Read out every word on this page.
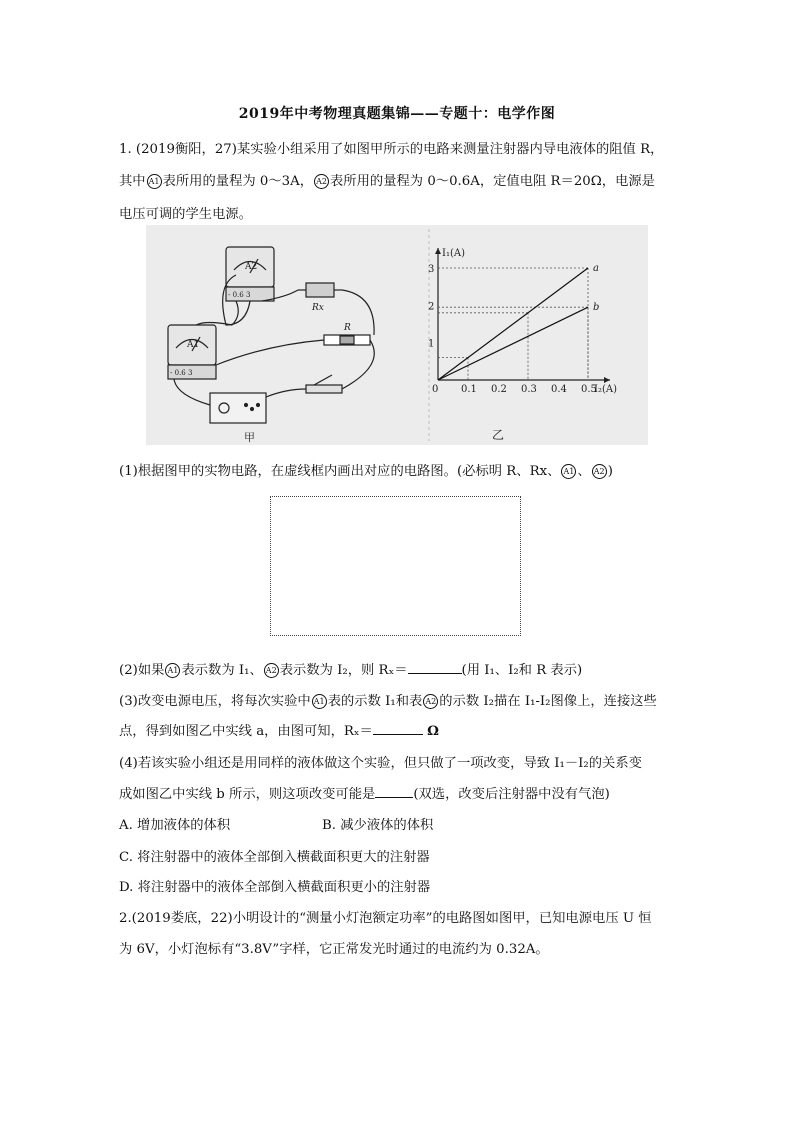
2019年中考物理真题集锦——专题十：电学作图
1. (2019衡阳，27)某实验小组采用了如图甲所示的电路来测量注射器内导电液体的阻值 R，
其中 A1 表所用的量程为 0～3A， A2 表所用的量程为 0～0.6A，定值电阻 R＝20Ω，电源是
电压可调的学生电源。
A2
- 0.6 3
A1
- 0.6 3
Rx
R
甲
a
b
0 0.1 0.2 0.3 0.4 0.5
1
2
3
I₂(A)
I₁(A)
乙
(1)根据图甲的实物电路，在虚线框内画出对应的电路图。(必标明 R、Rx、 A1 、 A2 )
(2)如果 A1 表示数为 I₁、 A2 表示数为 I₂，则 Rₓ＝	(用 I₁、I₂和 R 表示)
(3)改变电源电压，将每次实验中 A1 表的示数 I₁和表 A2 的示数 I₂描在 I₁-I₂图像上，连接这些
点，得到如图乙中实线 a，由图可知，Rₓ＝	Ω
(4)若该实验小组还是用同样的液体做这个实验，但只做了一项改变，导致 I₁－I₂的关系变
成如图乙中实线 b 所示，则这项改变可能是	(双选，改变后注射器中没有气泡)
A. 增加液体的体积	B. 减少液体的体积
C. 将注射器中的液体全部倒入横截面积更大的注射器
D. 将注射器中的液体全部倒入横截面积更小的注射器
2.(2019娄底，22)小明设计的“测量小灯泡额定功率”的电路图如图甲，已知电源电压 U 恒
为 6V，小灯泡标有“3.8V”字样，它正常发光时通过的电流约为 0.32A。
